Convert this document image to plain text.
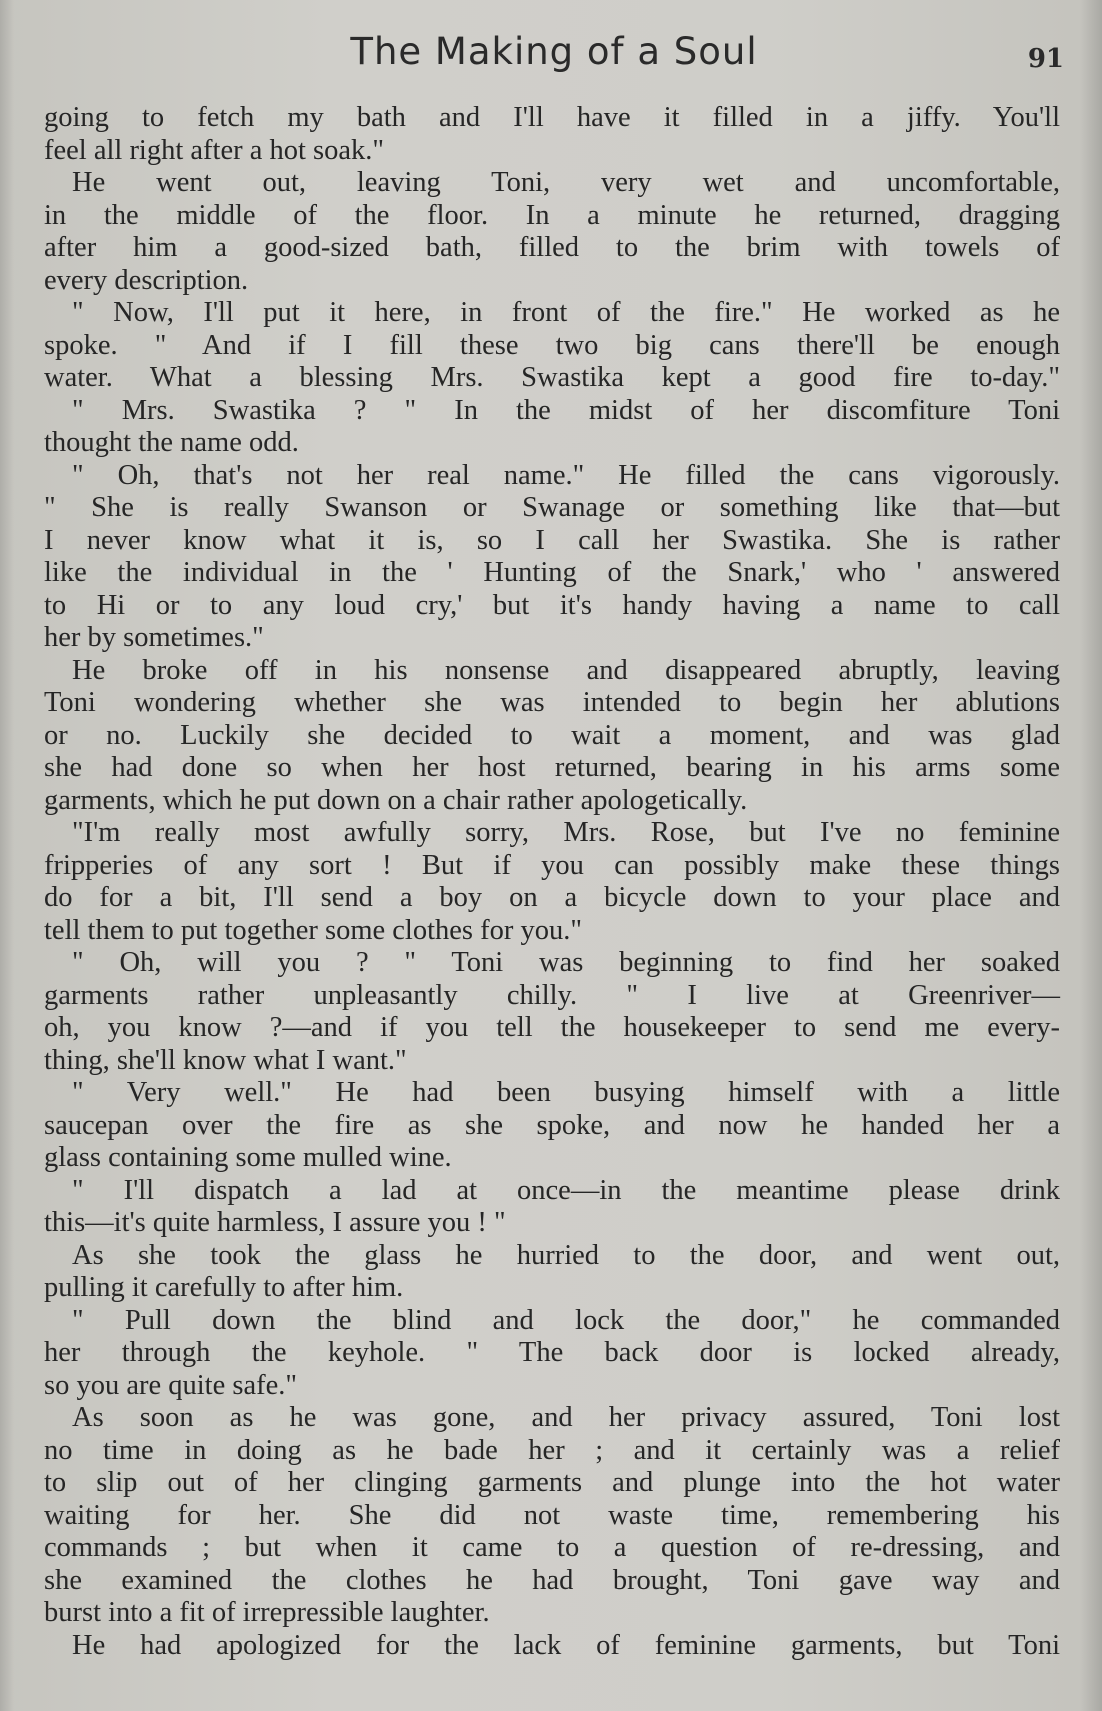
The Making of a Soul	91
going to fetch my bath and I'll have it filled in a jiffy. You'll
feel all right after a hot soak."
He went out, leaving Toni, very wet and uncomfortable,
in the middle of the floor. In a minute he returned, dragging
after him a good-sized bath, filled to the brim with towels of
every description.
" Now, I'll put it here, in front of the fire." He worked as he
spoke. " And if I fill these two big cans there'll be enough
water. What a blessing Mrs. Swastika kept a good fire to-day."
" Mrs. Swastika ? " In the midst of her discomfiture Toni
thought the name odd.
" Oh, that's not her real name." He filled the cans vigorously.
" She is really Swanson or Swanage or something like that—but
I never know what it is, so I call her Swastika. She is rather
like the individual in the ' Hunting of the Snark,' who ' answered
to Hi or to any loud cry,' but it's handy having a name to call
her by sometimes."
He broke off in his nonsense and disappeared abruptly, leaving
Toni wondering whether she was intended to begin her ablutions
or no. Luckily she decided to wait a moment, and was glad
she had done so when her host returned, bearing in his arms some
garments, which he put down on a chair rather apologetically.
"I'm really most awfully sorry, Mrs. Rose, but I've no feminine
fripperies of any sort ! But if you can possibly make these things
do for a bit, I'll send a boy on a bicycle down to your place and
tell them to put together some clothes for you."
" Oh, will you ? " Toni was beginning to find her soaked
garments rather unpleasantly chilly. " I live at Greenriver—
oh, you know ?—and if you tell the housekeeper to send me every-
thing, she'll know what I want."
" Very well." He had been busying himself with a little
saucepan over the fire as she spoke, and now he handed her a
glass containing some mulled wine.
" I'll dispatch a lad at once—in the meantime please drink
this—it's quite harmless, I assure you ! "
As she took the glass he hurried to the door, and went out,
pulling it carefully to after him.
" Pull down the blind and lock the door," he commanded
her through the keyhole. " The back door is locked already,
so you are quite safe."
As soon as he was gone, and her privacy assured, Toni lost
no time in doing as he bade her ; and it certainly was a relief
to slip out of her clinging garments and plunge into the hot water
waiting for her. She did not waste time, remembering his
commands ; but when it came to a question of re-dressing, and
she examined the clothes he had brought, Toni gave way and
burst into a fit of irrepressible laughter.
He had apologized for the lack of feminine garments, but Toni
